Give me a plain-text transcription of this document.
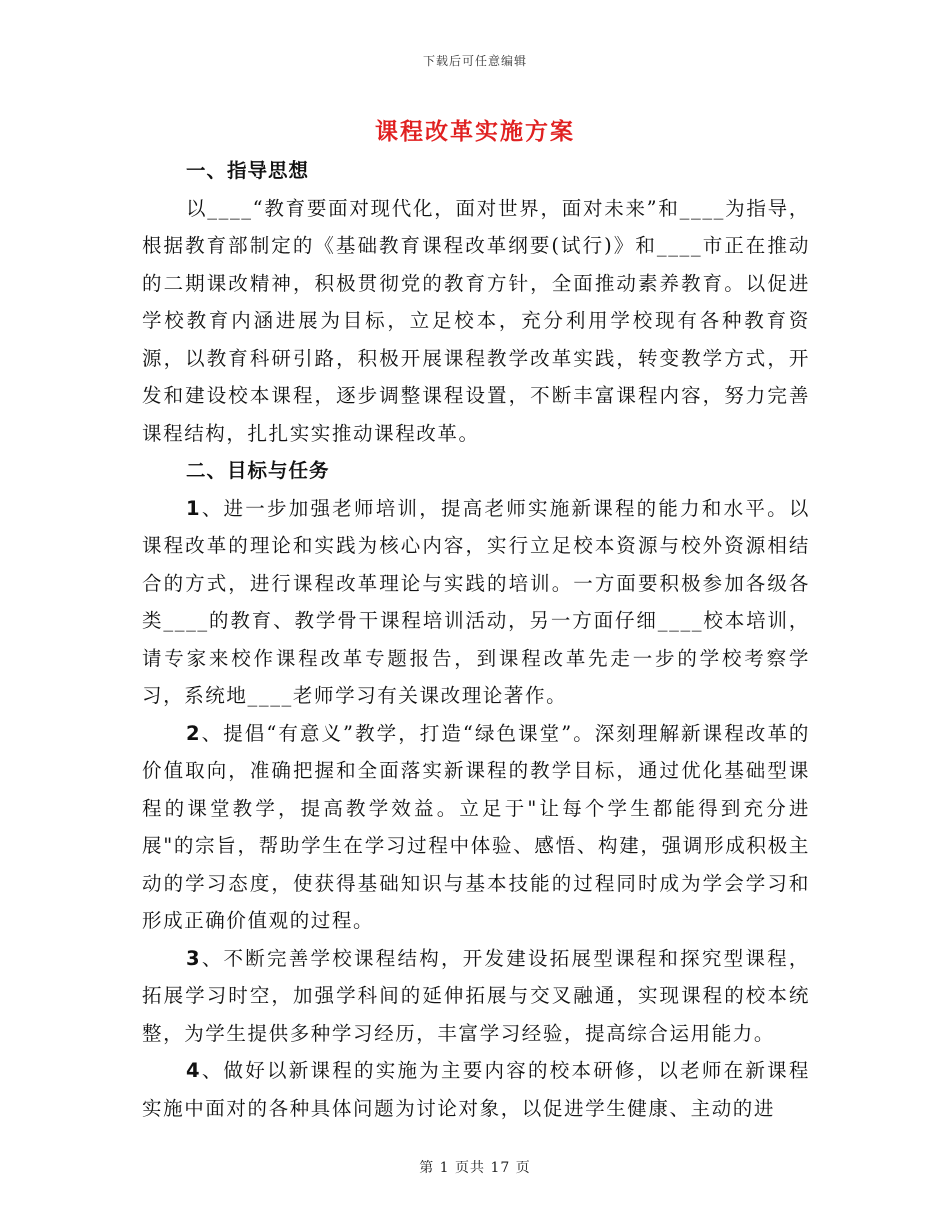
下载后可任意编辑
课程改革实施方案

一、指导思想

以____“教育要面对现代化，面对世界，面对未来”和____为指导，根据教育部制定的《基础教育课程改革纲要(试行)》和____市正在推动的二期课改精神，积极贯彻党的教育方针，全面推动素养教育。以促进学校教育内涵进展为目标，立足校本，充分利用学校现有各种教育资源，以教育科研引路，积极开展课程教学改革实践，转变教学方式，开发和建设校本课程，逐步调整课程设置，不断丰富课程内容，努力完善课程结构，扎扎实实推动课程改革。

二、目标与任务

1、进一步加强老师培训，提高老师实施新课程的能力和水平。以课程改革的理论和实践为核心内容，实行立足校本资源与校外资源相结合的方式，进行课程改革理论与实践的培训。一方面要积极参加各级各类____的教育、教学骨干课程培训活动，另一方面仔细____校本培训，请专家来校作课程改革专题报告，到课程改革先走一步的学校考察学习，系统地____老师学习有关课改理论著作。

2、提倡“有意义”教学，打造“绿色课堂”。深刻理解新课程改革的价值取向，准确把握和全面落实新课程的教学目标，通过优化基础型课程的课堂教学，提高教学效益。立足于"让每个学生都能得到充分进展"的宗旨，帮助学生在学习过程中体验、感悟、构建，强调形成积极主动的学习态度，使获得基础知识与基本技能的过程同时成为学会学习和形成正确价值观的过程。

3、不断完善学校课程结构，开发建设拓展型课程和探究型课程，拓展学习时空，加强学科间的延伸拓展与交叉融通，实现课程的校本统整，为学生提供多种学习经历，丰富学习经验，提高综合运用能力。

4、做好以新课程的实施为主要内容的校本研修，以老师在新课程实施中面对的各种具体问题为讨论对象，以促进学生健康、主动的进

第 1 页共 17 页
